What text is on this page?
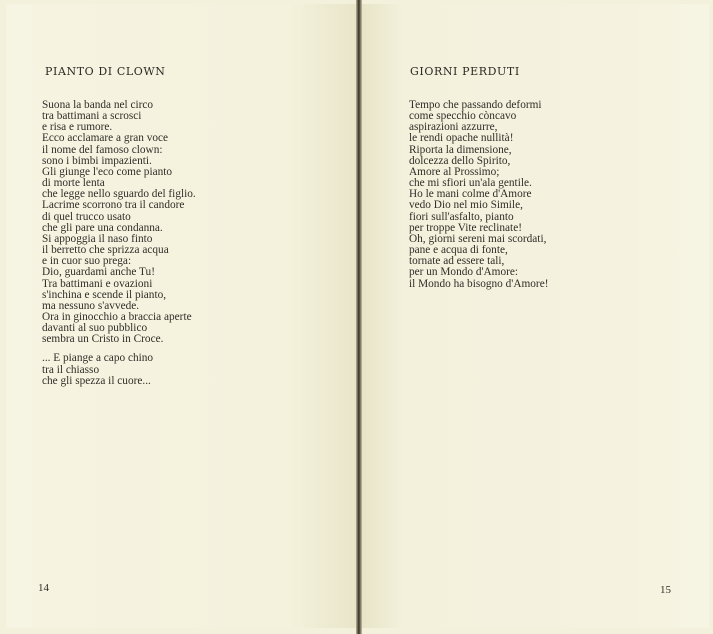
PIANTO DI CLOWN
Suona la banda nel circo
tra battimani a scrosci
e risa e rumore.
Ecco acclamare a gran voce
il nome del famoso clown:
sono i bimbi impazienti.
Gli giunge l'eco come pianto
di morte lenta
che legge nello sguardo del figlio.
Lacrime scorrono tra il candore
di quel trucco usato
che gli pare una condanna.
Si appoggia il naso finto
il berretto che sprizza acqua
e in cuor suo prega:
Dio, guardami anche Tu!
Tra battimani e ovazioni
s'inchina e scende il pianto,
ma nessuno s'avvede.
Ora in ginocchio a braccia aperte
davanti al suo pubblico
sembra un Cristo in Croce.
... E piange a capo chino
tra il chiasso
che gli spezza il cuore...
14
GIORNI PERDUTI
Tempo che passando deformi
come specchio còncavo
aspirazioni azzurre,
le rendi opache nullità!
Riporta la dimensione,
dolcezza dello Spirito,
Amore al Prossimo;
che mi sfiori un'ala gentile.
Ho le mani colme d'Amore
vedo Dio nel mio Simile,
fiori sull'asfalto, pianto
per troppe Vite reclinate!
Oh, giorni sereni mai scordati,
pane e acqua di fonte,
tornate ad essere tali,
per un Mondo d'Amore:
il Mondo ha bisogno d'Amore!
15
